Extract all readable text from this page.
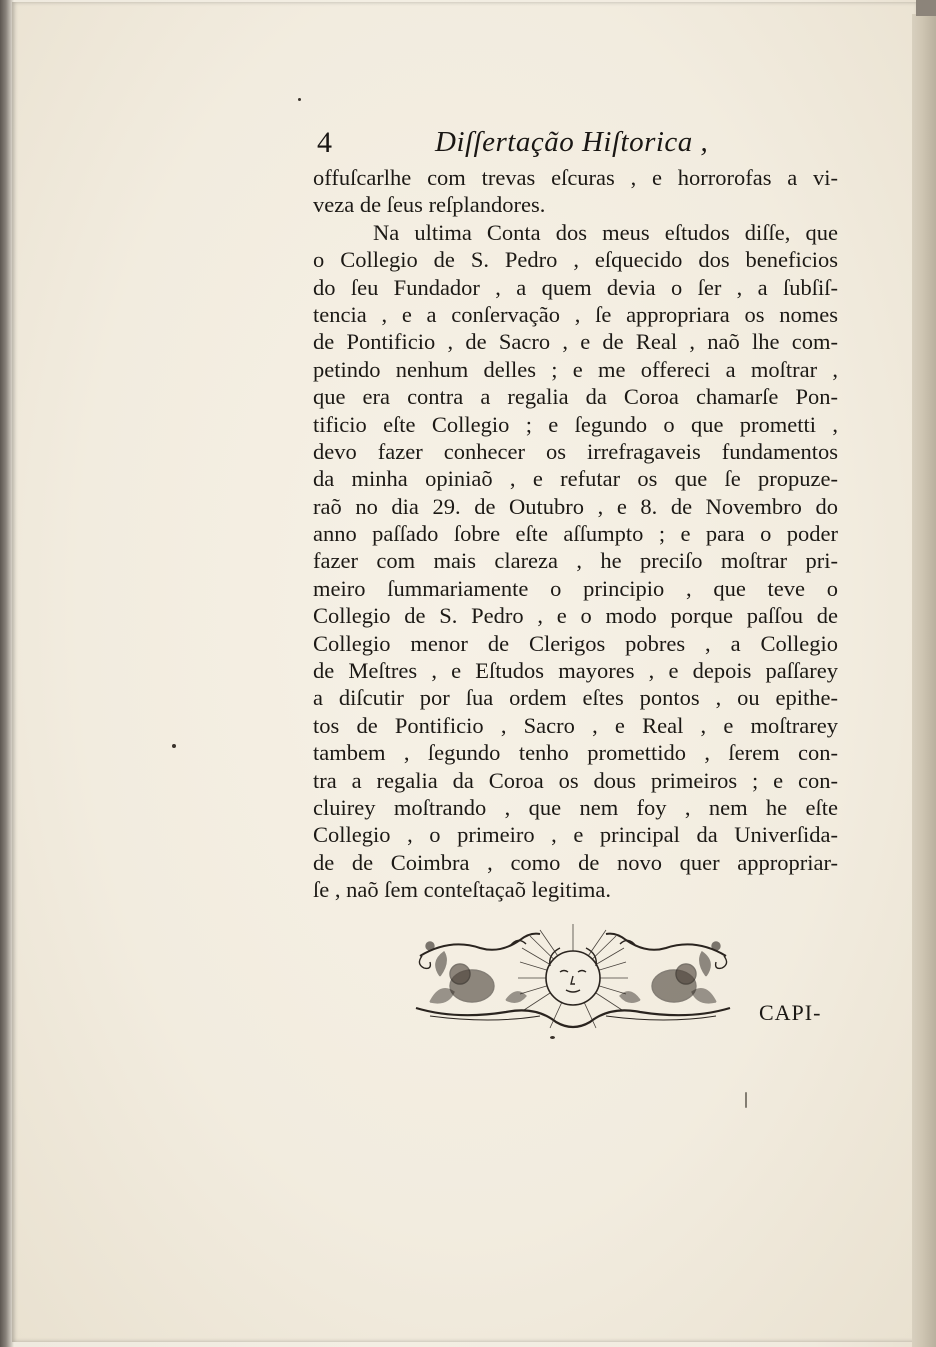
4	Diſſertação Hiſtorica ,
offuſcarlhe com trevas eſcuras , e horrorofas a vi-
veza de ſeus reſplandores.
Na ultima Conta dos meus eſtudos diſſe, que
o Collegio de S. Pedro , eſquecido dos beneficios
do ſeu Fundador , a quem devia o ſer , a ſubſiſ-
tencia , e a conſervação , ſe appropriara os nomes
de Pontificio , de Sacro , e de Real , naõ lhe com-
petindo nenhum delles ; e me offereci a moſtrar ,
que era contra a regalia da Coroa chamarſe Pon-
tificio eſte Collegio ; e ſegundo o que prometti ,
devo fazer conhecer os irrefragaveis fundamentos
da minha opiniaõ , e refutar os que ſe propuze-
raõ no dia 29. de Outubro , e 8. de Novembro do
anno paſſado ſobre eſte aſſumpto ; e para o poder
fazer com mais clareza , he preciſo moſtrar pri-
meiro ſummariamente o principio , que teve o
Collegio de S. Pedro , e o modo porque paſſou de
Collegio menor de Clerigos pobres , a Collegio
de Meſtres , e Eſtudos mayores , e depois paſſarey
a diſcutir por ſua ordem eſtes pontos , ou epithe-
tos de Pontificio , Sacro , e Real , e moſtrarey
tambem , ſegundo tenho promettido , ſerem con-
tra a regalia da Coroa os dous primeiros ; e con-
cluirey moſtrando , que nem foy , nem he eſte
Collegio , o primeiro , e principal da Univerſida-
de de Coimbra , como de novo quer appropriar-
ſe , naõ ſem conteſtaçaõ legitima.
CAPI-
